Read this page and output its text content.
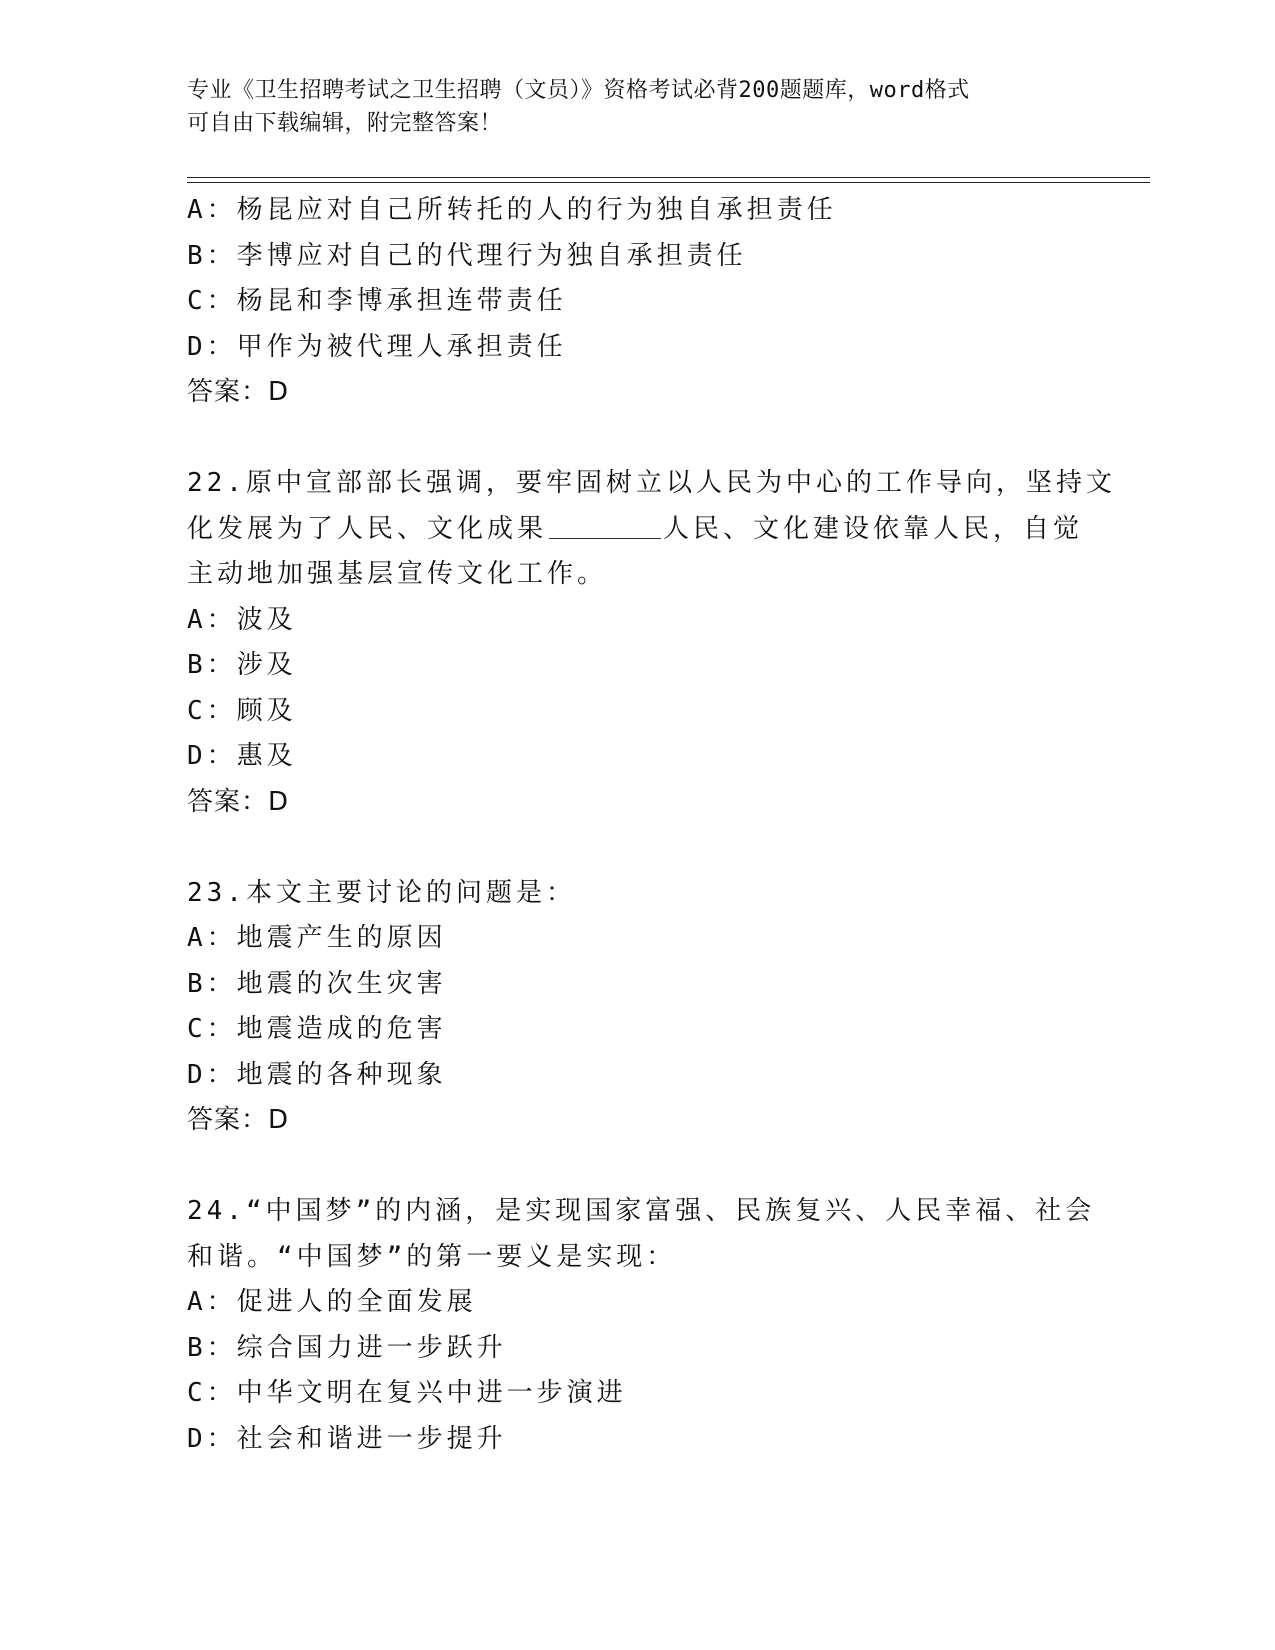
专业《卫生招聘考试之卫生招聘（文员）》资格考试必背200题题库，word格式
可自由下载编辑，附完整答案！
A：杨昆应对自己所转托的人的行为独自承担责任
B：李博应对自己的代理行为独自承担责任
C：杨昆和李博承担连带责任
D：甲作为被代理人承担责任
答案：D
22.原中宣部部长强调，要牢固树立以人民为中心的工作导向，坚持文
化发展为了人民、文化成果	人民、文化建设依靠人民，自觉
主动地加强基层宣传文化工作。
A：波及
B：涉及
C：顾及
D：惠及
答案：D
23.本文主要讨论的问题是：
A：地震产生的原因
B：地震的次生灾害
C：地震造成的危害
D：地震的各种现象
答案：D
24.“中国梦”的内涵，是实现国家富强、民族复兴、人民幸福、社会
和谐。“中国梦”的第一要义是实现：
A：促进人的全面发展
B：综合国力进一步跃升
C：中华文明在复兴中进一步演进
D：社会和谐进一步提升
